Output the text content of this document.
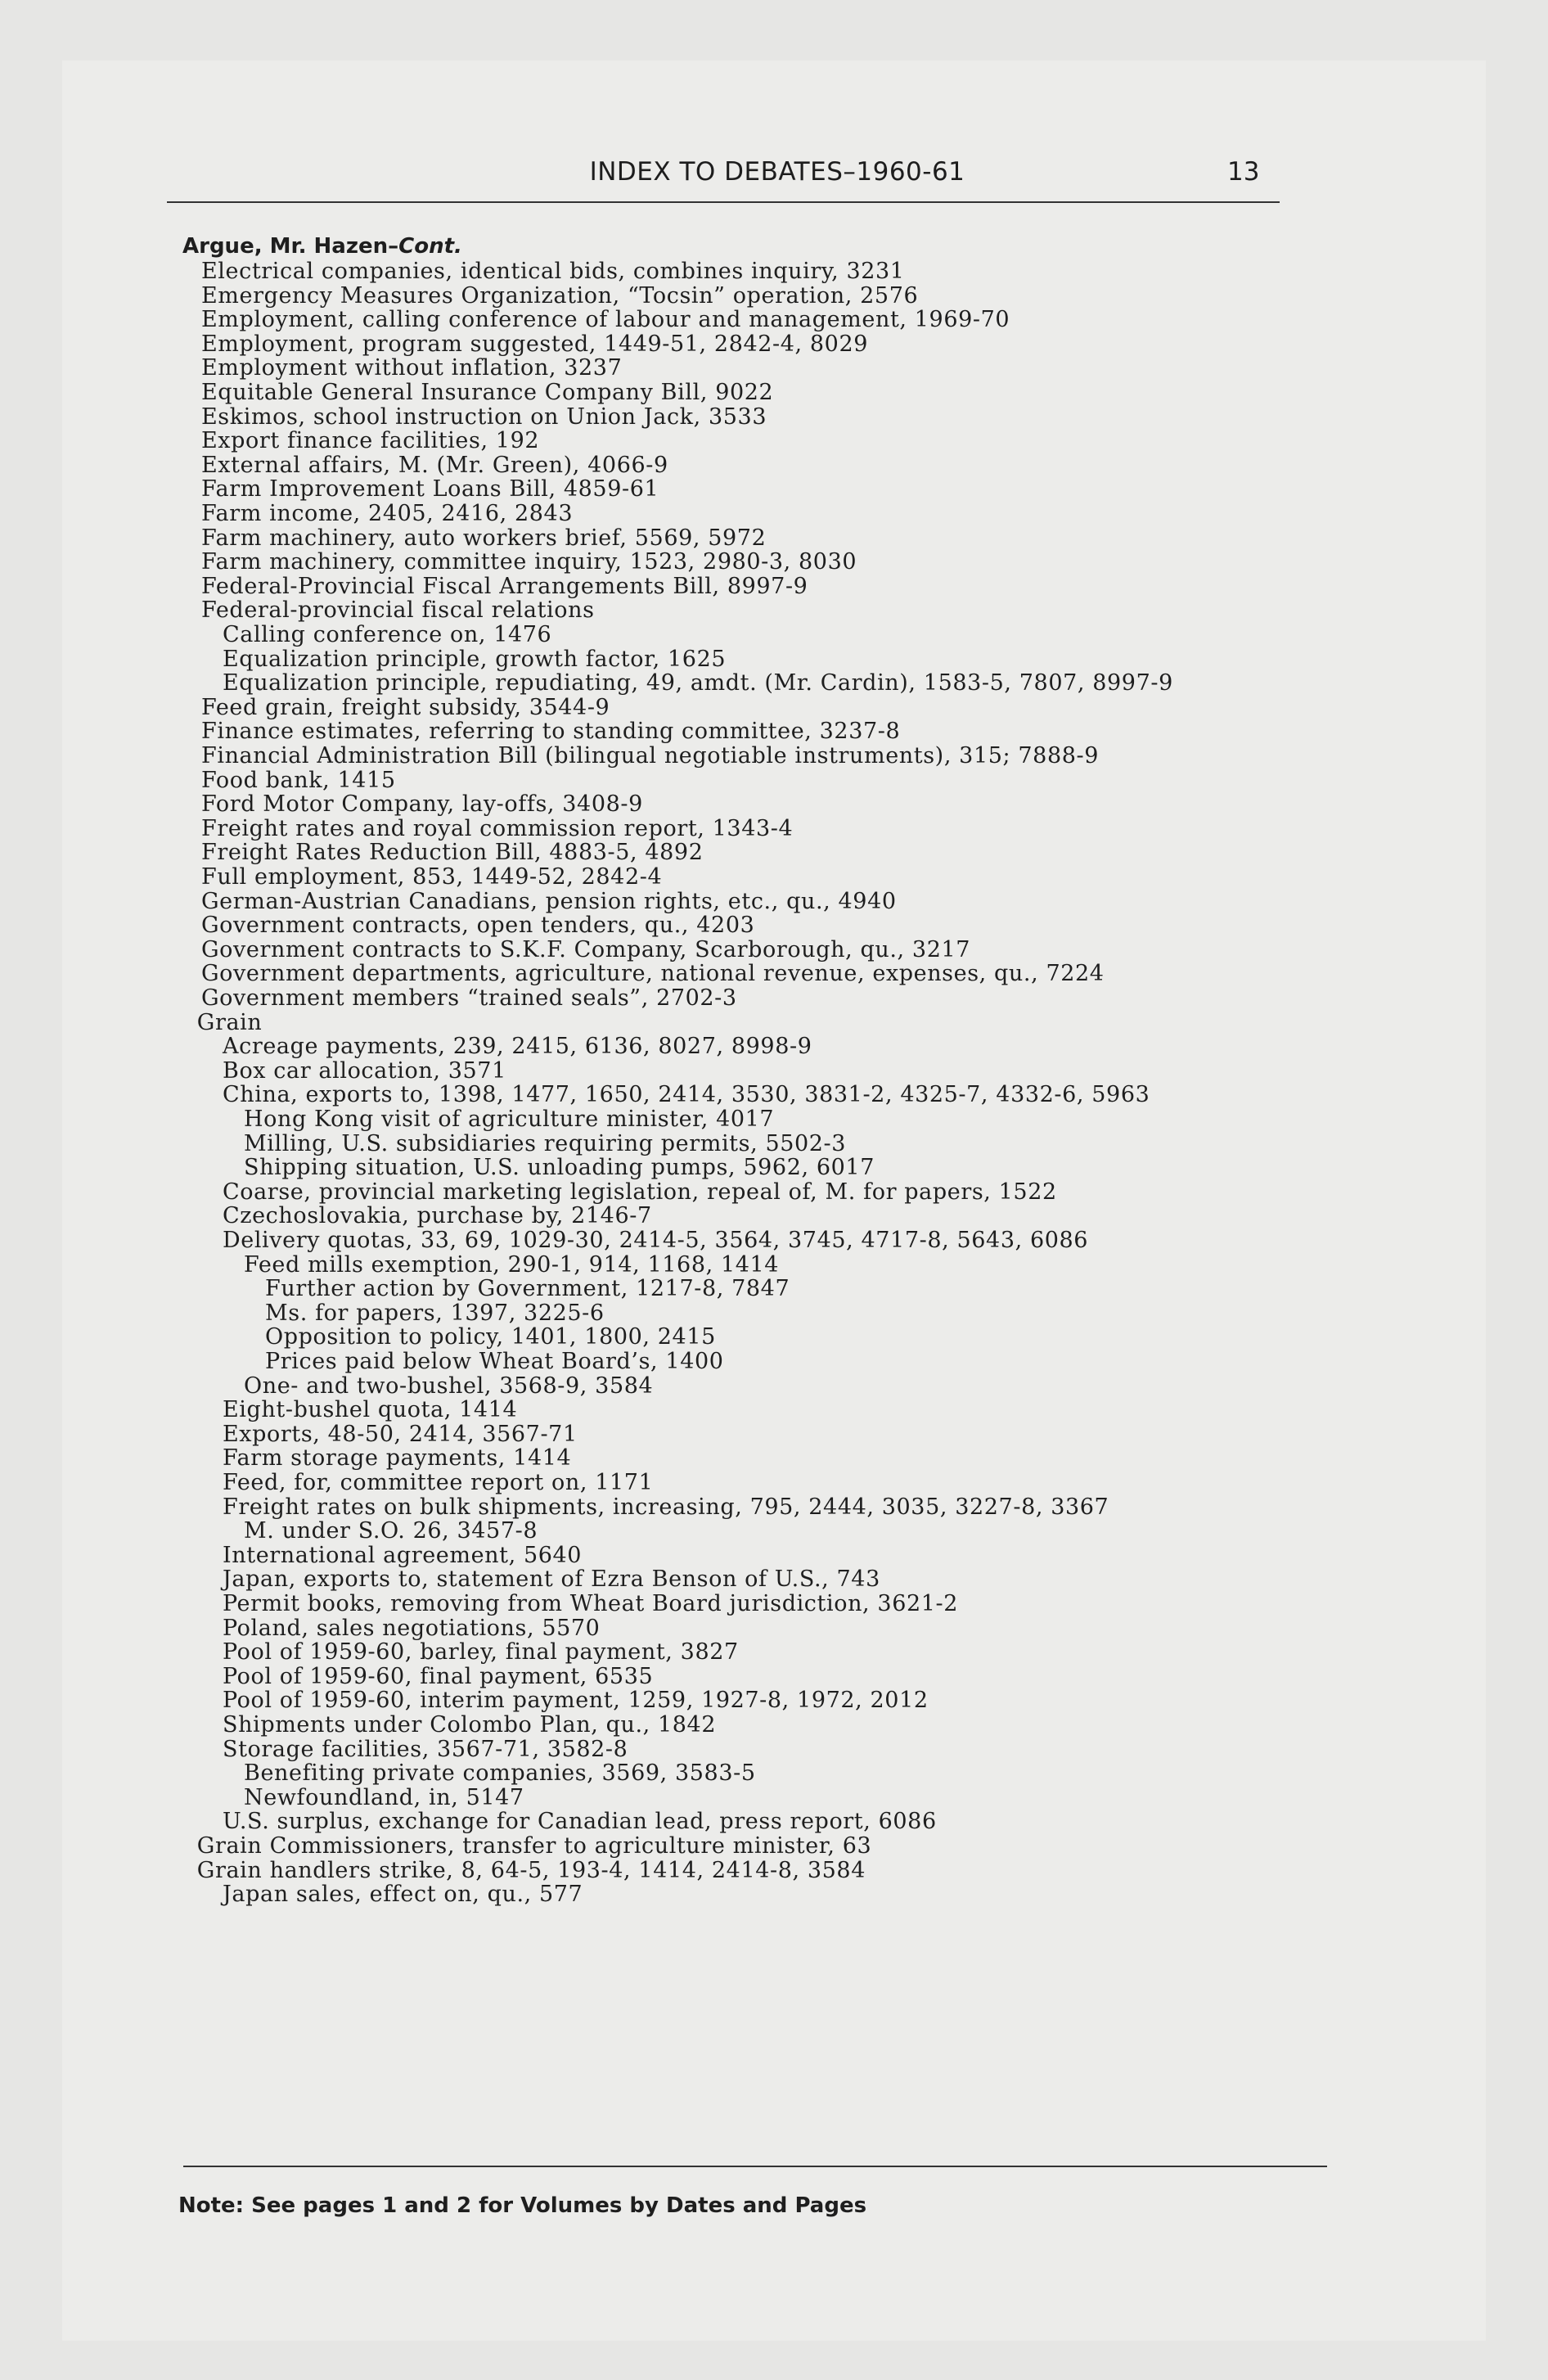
INDEX TO DEBATES–1960-61	13
Argue, Mr. Hazen–Cont.
Electrical companies, identical bids, combines inquiry, 3231
Emergency Measures Organization, “Tocsin” operation, 2576
Employment, calling conference of labour and management, 1969-70
Employment, program suggested, 1449-51, 2842-4, 8029
Employment without inflation, 3237
Equitable General Insurance Company Bill, 9022
Eskimos, school instruction on Union Jack, 3533
Export finance facilities, 192
External affairs, M. (Mr. Green), 4066-9
Farm Improvement Loans Bill, 4859-61
Farm income, 2405, 2416, 2843
Farm machinery, auto workers brief, 5569, 5972
Farm machinery, committee inquiry, 1523, 2980-3, 8030
Federal-Provincial Fiscal Arrangements Bill, 8997-9
Federal-provincial fiscal relations
Calling conference on, 1476
Equalization principle, growth factor, 1625
Equalization principle, repudiating, 49, amdt. (Mr. Cardin), 1583-5, 7807, 8997-9
Feed grain, freight subsidy, 3544-9
Finance estimates, referring to standing committee, 3237-8
Financial Administration Bill (bilingual negotiable instruments), 315; 7888-9
Food bank, 1415
Ford Motor Company, lay-offs, 3408-9
Freight rates and royal commission report, 1343-4
Freight Rates Reduction Bill, 4883-5, 4892
Full employment, 853, 1449-52, 2842-4
German-Austrian Canadians, pension rights, etc., qu., 4940
Government contracts, open tenders, qu., 4203
Government contracts to S.K.F. Company, Scarborough, qu., 3217
Government departments, agriculture, national revenue, expenses, qu., 7224
Government members “trained seals”, 2702-3
Grain
Acreage payments, 239, 2415, 6136, 8027, 8998-9
Box car allocation, 3571
China, exports to, 1398, 1477, 1650, 2414, 3530, 3831-2, 4325-7, 4332-6, 5963
Hong Kong visit of agriculture minister, 4017
Milling, U.S. subsidiaries requiring permits, 5502-3
Shipping situation, U.S. unloading pumps, 5962, 6017
Coarse, provincial marketing legislation, repeal of, M. for papers, 1522
Czechoslovakia, purchase by, 2146-7
Delivery quotas, 33, 69, 1029-30, 2414-5, 3564, 3745, 4717-8, 5643, 6086
Feed mills exemption, 290-1, 914, 1168, 1414
Further action by Government, 1217-8, 7847
Ms. for papers, 1397, 3225-6
Opposition to policy, 1401, 1800, 2415
Prices paid below Wheat Board’s, 1400
One- and two-bushel, 3568-9, 3584
Eight-bushel quota, 1414
Exports, 48-50, 2414, 3567-71
Farm storage payments, 1414
Feed, for, committee report on, 1171
Freight rates on bulk shipments, increasing, 795, 2444, 3035, 3227-8, 3367
M. under S.O. 26, 3457-8
International agreement, 5640
Japan, exports to, statement of Ezra Benson of U.S., 743
Permit books, removing from Wheat Board jurisdiction, 3621-2
Poland, sales negotiations, 5570
Pool of 1959-60, barley, final payment, 3827
Pool of 1959-60, final payment, 6535
Pool of 1959-60, interim payment, 1259, 1927-8, 1972, 2012
Shipments under Colombo Plan, qu., 1842
Storage facilities, 3567-71, 3582-8
Benefiting private companies, 3569, 3583-5
Newfoundland, in, 5147
U.S. surplus, exchange for Canadian lead, press report, 6086
Grain Commissioners, transfer to agriculture minister, 63
Grain handlers strike, 8, 64-5, 193-4, 1414, 2414-8, 3584
Japan sales, effect on, qu., 577
Note: See pages 1 and 2 for Volumes by Dates and Pages
